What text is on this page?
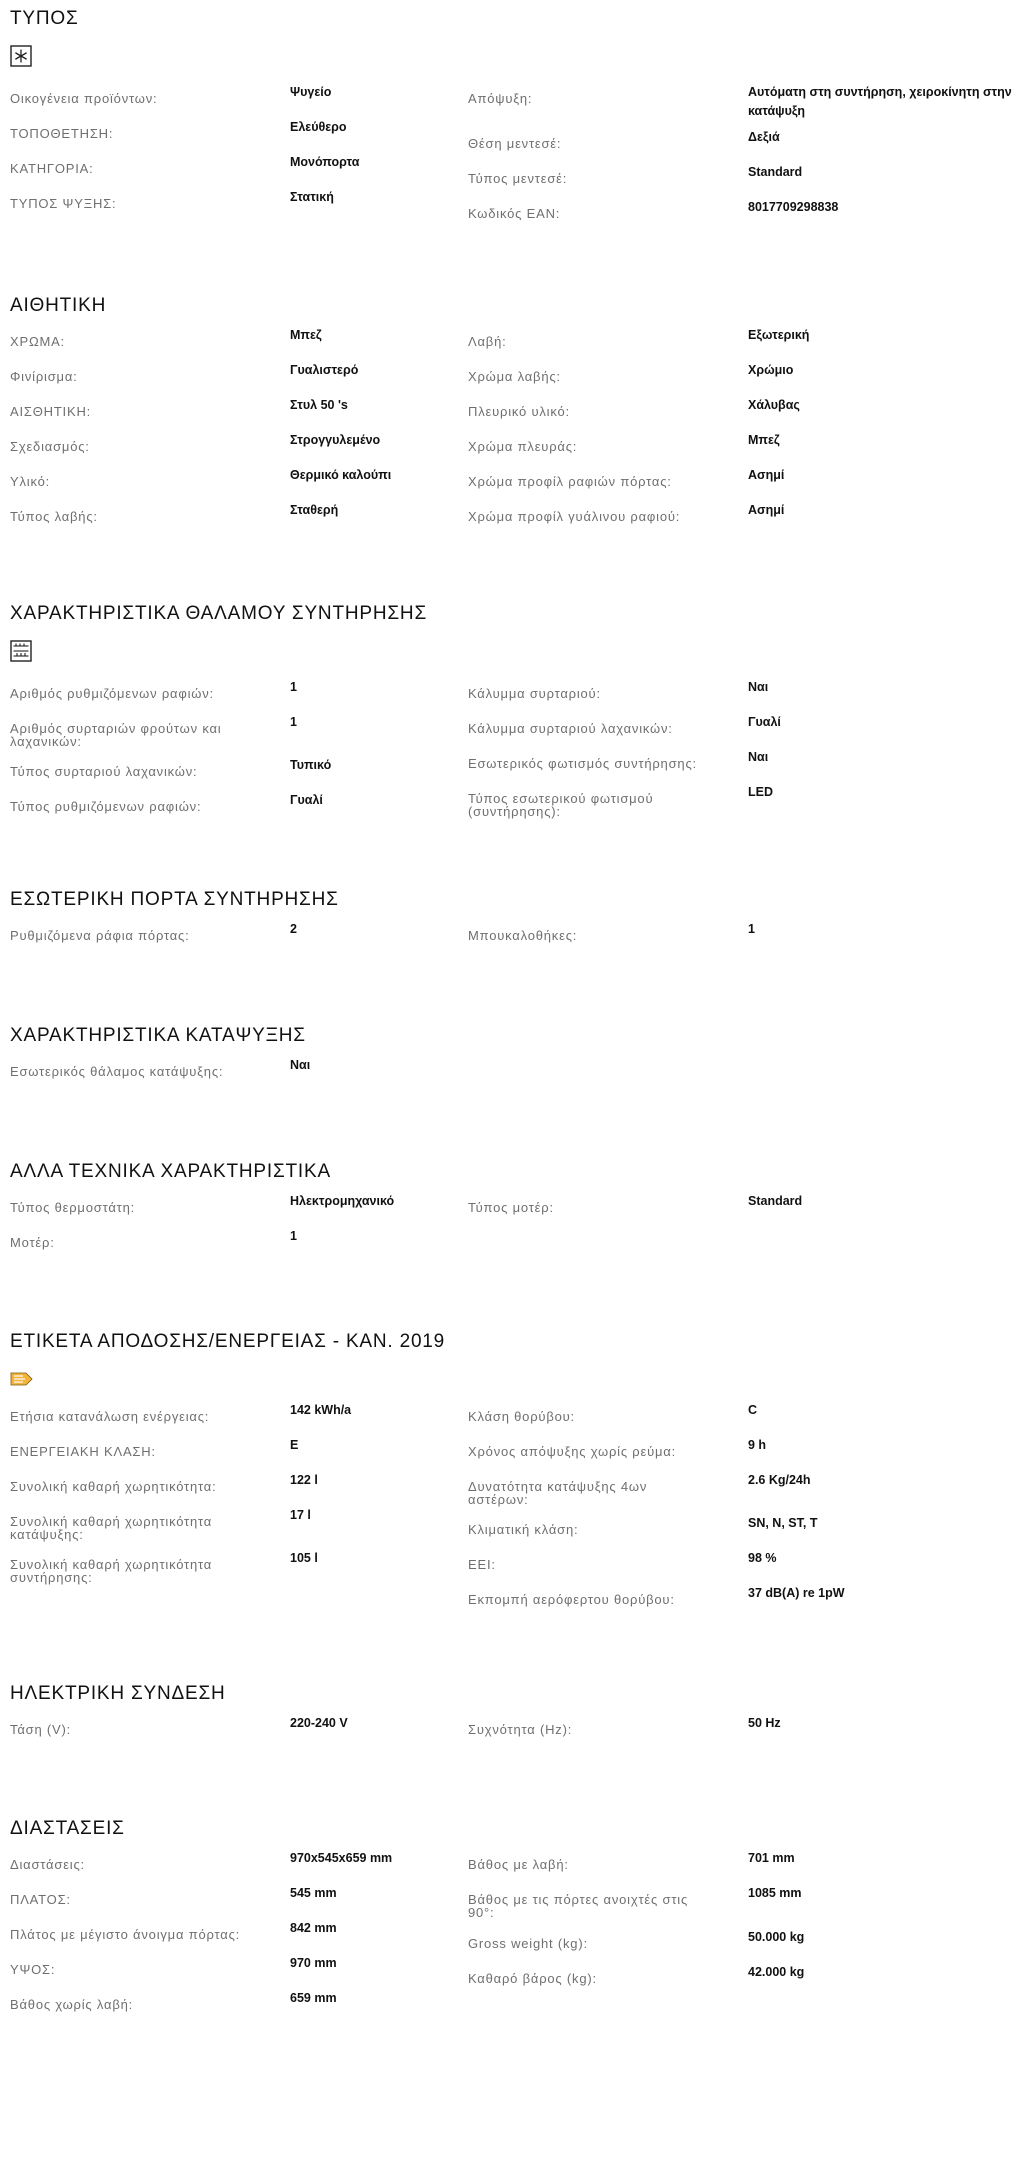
ΤΥΠΟΣ
Οικογένεια προϊόντων:	Ψυγείο
ΤΟΠΟΘΕΤΗΣΗ:	Ελεύθερο
ΚΑΤΗΓΟΡΙΑ:	Μονόπορτα
ΤΥΠΟΣ ΨΥΞΗΣ:	Στατική
Απόψυξη:	Αυτόματη στη συντήρηση, χειροκίνητη στην κατάψυξη
Θέση μεντεσέ:	Δεξιά
Τύπος μεντεσέ:	Standard
Κωδικός EAN:	8017709298838
ΑΙΘΗΤΙΚΗ
ΧΡΩΜΑ:	Μπεζ
Φινίρισμα:	Γυαλιστερό
ΑΙΣΘΗΤΙΚΗ:	Στυλ 50 's
Σχεδιασμός:	Στρογγυλεμένο
Υλικό:	Θερμικό καλούπι
Τύπος λαβής:	Σταθερή
Λαβή:	Εξωτερική
Χρώμα λαβής:	Χρώμιο
Πλευρικό υλικό:	Χάλυβας
Χρώμα πλευράς:	Μπεζ
Χρώμα προφίλ ραφιών πόρτας:	Ασημί
Χρώμα προφίλ γυάλινου ραφιού:	Ασημί
ΧΑΡΑΚΤΗΡΙΣΤΙΚΑ ΘΑΛΑΜΟΥ ΣΥΝΤΗΡΗΣΗΣ
Αριθμός ρυθμιζόμενων ραφιών:	1
Αριθμός συρταριών φρούτων και λαχανικών:
1
Τύπος συρταριού λαχανικών:	Τυπικό
Τύπος ρυθμιζόμενων ραφιών:	Γυαλί
Κάλυμμα συρταριού:	Ναι
Κάλυμμα συρταριού λαχανικών:	Γυαλί
Εσωτερικός φωτισμός συντήρησης:	Ναι
Τύπος εσωτερικού φωτισμού (συντήρησης):
LED
ΕΣΩΤΕΡΙΚΗ ΠΟΡΤΑ ΣΥΝΤΗΡΗΣΗΣ
Ρυθμιζόμενα ράφια πόρτας:	2	Μπουκαλοθήκες:	1
ΧΑΡΑΚΤΗΡΙΣΤΙΚΑ ΚΑΤΑΨΥΞΗΣ
Εσωτερικός θάλαμος κατάψυξης:	Ναι
ΑΛΛΑ ΤΕΧΝΙΚΑ ΧΑΡΑΚΤΗΡΙΣΤΙΚΑ
Τύπος θερμοστάτη:	Ηλεκτρομηχανικό
Μοτέρ:	1
Τύπος μοτέρ:	Standard
ΕΤΙΚΕΤΑ ΑΠΟΔΟΣΗΣ/ΕΝΕΡΓΕΙΑΣ - ΚΑΝ. 2019
Ετήσια κατανάλωση ενέργειας:	142 kWh/a
ΕΝΕΡΓΕΙΑΚΗ ΚΛΑΣΗ:	E
Συνολική καθαρή χωρητικότητα:	122 l
Συνολική καθαρή χωρητικότητα κατάψυξης:
17 l
Συνολική καθαρή χωρητικότητα συντήρησης:
105 l
Κλάση θορύβου:	C
Χρόνος απόψυξης χωρίς ρεύμα:	9 h
Δυνατότητα κατάψυξης 4ων αστέρων:
2.6 Kg/24h
Κλιματική κλάση:	SN, N, ST, T
EEI:	98 %
Εκπομπή αερόφερτου θορύβου:	37 dB(A) re 1pW
ΗΛΕΚΤΡΙΚΗ ΣΥΝΔΕΣΗ
Τάση (V):	220-240 V	Συχνότητα (Hz):	50 Hz
ΔΙΑΣΤΑΣΕΙΣ
Διαστάσεις:	970x545x659 mm
ΠΛΑΤΟΣ:	545 mm
Πλάτος με μέγιστο άνοιγμα πόρτας:	842 mm
ΥΨΟΣ:	970 mm
Βάθος χωρίς λαβή:	659 mm
Βάθος με λαβή:	701 mm
Βάθος με τις πόρτες ανοιχτές στις 90°:
1085 mm
Gross weight (kg):	50.000 kg
Καθαρό βάρος (kg):	42.000 kg
